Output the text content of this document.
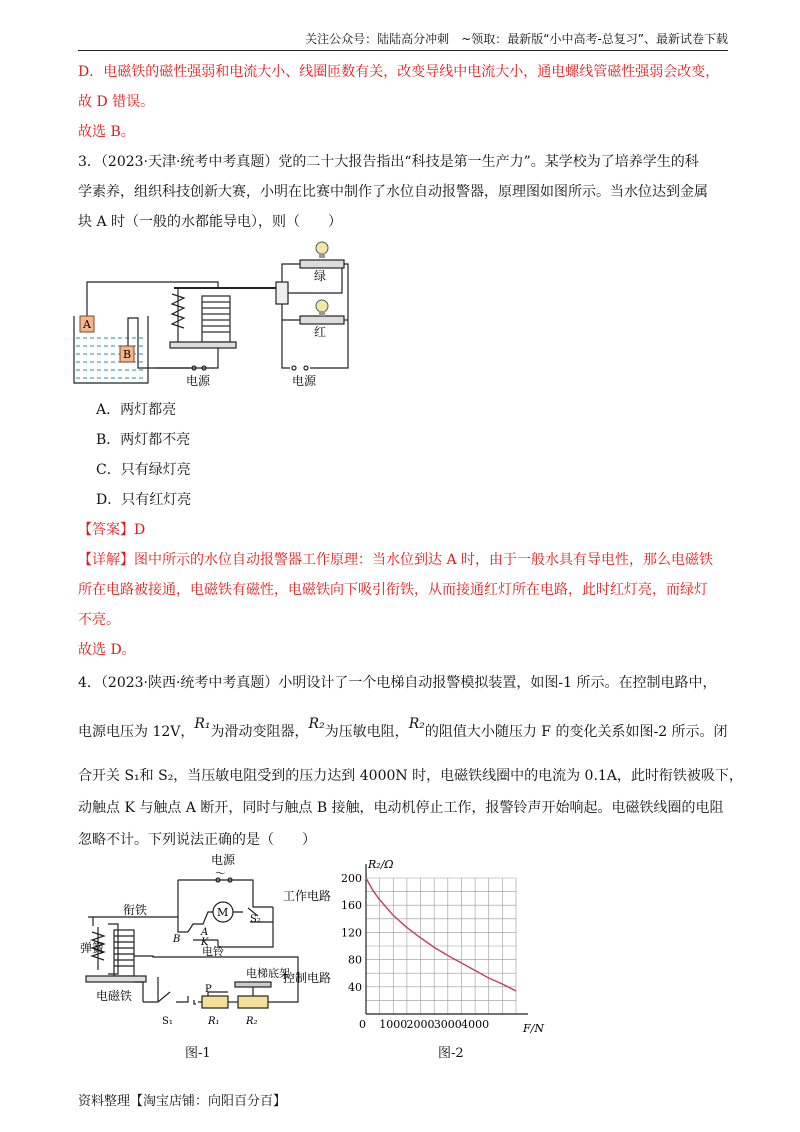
关注公众号：陆陆高分冲刺　~领取：最新版“小中高考-总复习”、最新试卷下载
D．电磁铁的磁性强弱和电流大小、线圈匝数有关，改变导线中电流大小，通电螺线管磁性强弱会改变，
故 D 错误。
故选 B。
3．（2023·天津·统考中考真题）党的二十大报告指出“科技是第一生产力”。某学校为了培养学生的科
学素养，组织科技创新大赛，小明在比赛中制作了水位自动报警器，原理图如图所示。当水位达到金属
块 A 时（一般的水都能导电），则（　　）
A
B
绿
红
电源	电源
A．两灯都亮
B．两灯都不亮
C．只有绿灯亮
D．只有红灯亮
【答案】D
【详解】图中所示的水位自动报警器工作原理：当水位到达 A 时，由于一般水具有导电性，那么电磁铁
所在电路被接通，电磁铁有磁性，电磁铁向下吸引衔铁，从而接通红灯所在电路，此时红灯亮，而绿灯
不亮。
故选 D。
4．（2023·陕西·统考中考真题）小明设计了一个电梯自动报警模拟装置，如图-1 所示。在控制电路中，
电源电压为 12V，R₁为滑动变阻器，R₂为压敏电阻，R₂的阻值大小随压力 F 的变化关系如图-2 所示。闭
合开关 S₁和 S₂，当压敏电阻受到的压力达到 4000N 时，电磁铁线圈中的电流为 0.1A，此时衔铁被吸下，
动触点 K 与触点 A 断开，同时与触点 B 接触，电动机停止工作，报警铃声开始响起。电磁铁线圈的电阻
忽略不计。下列说法正确的是（　　）
电源
～
M
S₂
工作电路
衔铁
弹簧
电磁铁
A
B K
电铃
电梯底架
控制电路
P
S₁	R₁	R₂
图-1
40
80
120
160
200
0 1000 2000 3000 4000
R₂/Ω
F/N
图-2
资料整理【淘宝店铺：向阳百分百】
